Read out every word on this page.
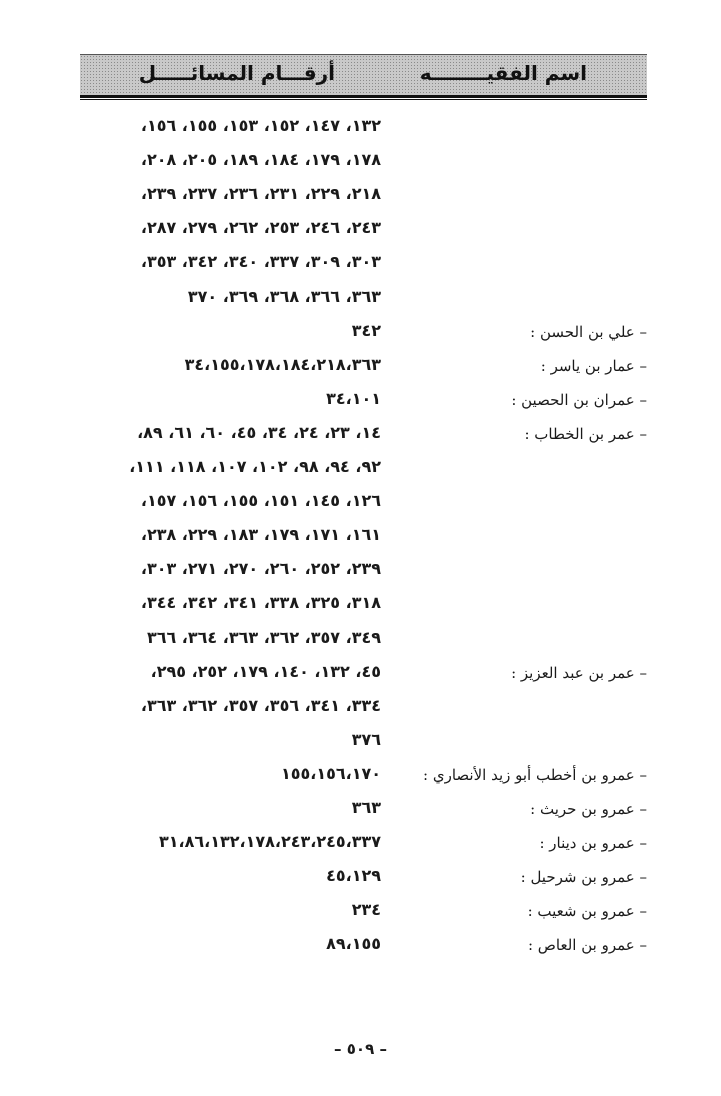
اسم الفقيــــــــه
أرقـــام المسائـــــل
١٣٢، ١٤٧، ١٥٢، ١٥٣، ١٥٥، ١٥٦،
١٧٨، ١٧٩، ١٨٤، ١٨٩، ٢٠٥، ٢٠٨،
٢١٨، ٢٢٩، ٢٣١، ٢٣٦، ٢٣٧، ٢٣٩،
٢٤٣، ٢٤٦، ٢٥٣، ٢٦٢، ٢٧٩، ٢٨٧،
٣٠٣، ٣٠٩، ٣٣٧، ٣٤٠، ٣٤٢، ٣٥٣،
٣٦٣، ٣٦٦، ٣٦٨، ٣٦٩، ٣٧٠
– علي بن الحسن :
٣٤٢
– عمار بن ياسر :
٣٤،١٥٥،١٧٨،١٨٤،٢١٨،٣٦٣
– عمران بن الحصين :
٣٤،١٠١
– عمر بن الخطاب :
١٤، ٢٣، ٢٤، ٣٤، ٤٥، ٦٠، ٦١، ٨٩،
٩٢، ٩٤، ٩٨، ١٠٢، ١٠٧، ١١٨، ١١١،
١٢٦، ١٤٥، ١٥١، ١٥٥، ١٥٦، ١٥٧،
١٦١، ١٧١، ١٧٩، ١٨٣، ٢٢٩، ٢٣٨،
٢٣٩، ٢٥٢، ٢٦٠، ٢٧٠، ٢٧١، ٣٠٣،
٣١٨، ٣٢٥، ٣٣٨، ٣٤١، ٣٤٢، ٣٤٤،
٣٤٩، ٣٥٧، ٣٦٢، ٣٦٣، ٣٦٤، ٣٦٦
– عمر بن عبد العزيز :
٤٥، ١٣٢، ١٤٠، ١٧٩، ٢٥٢، ٢٩٥،
٣٣٤، ٣٤١، ٣٥٦، ٣٥٧، ٣٦٢، ٣٦٣،
٣٧٦
– عمرو بن أخطب أبو زيد الأنصاري :
١٥٥،١٥٦،١٧٠
– عمرو بن حريث :
٣٦٣
– عمرو بن دينار :
٣١،٨٦،١٣٢،١٧٨،٢٤٣،٢٤٥،٣٣٧
– عمرو بن شرحيل :
٤٥،١٢٩
– عمرو بن شعيب :
٢٣٤
– عمرو بن العاص :
٨٩،١٥٥
– ٥٠٩ –
